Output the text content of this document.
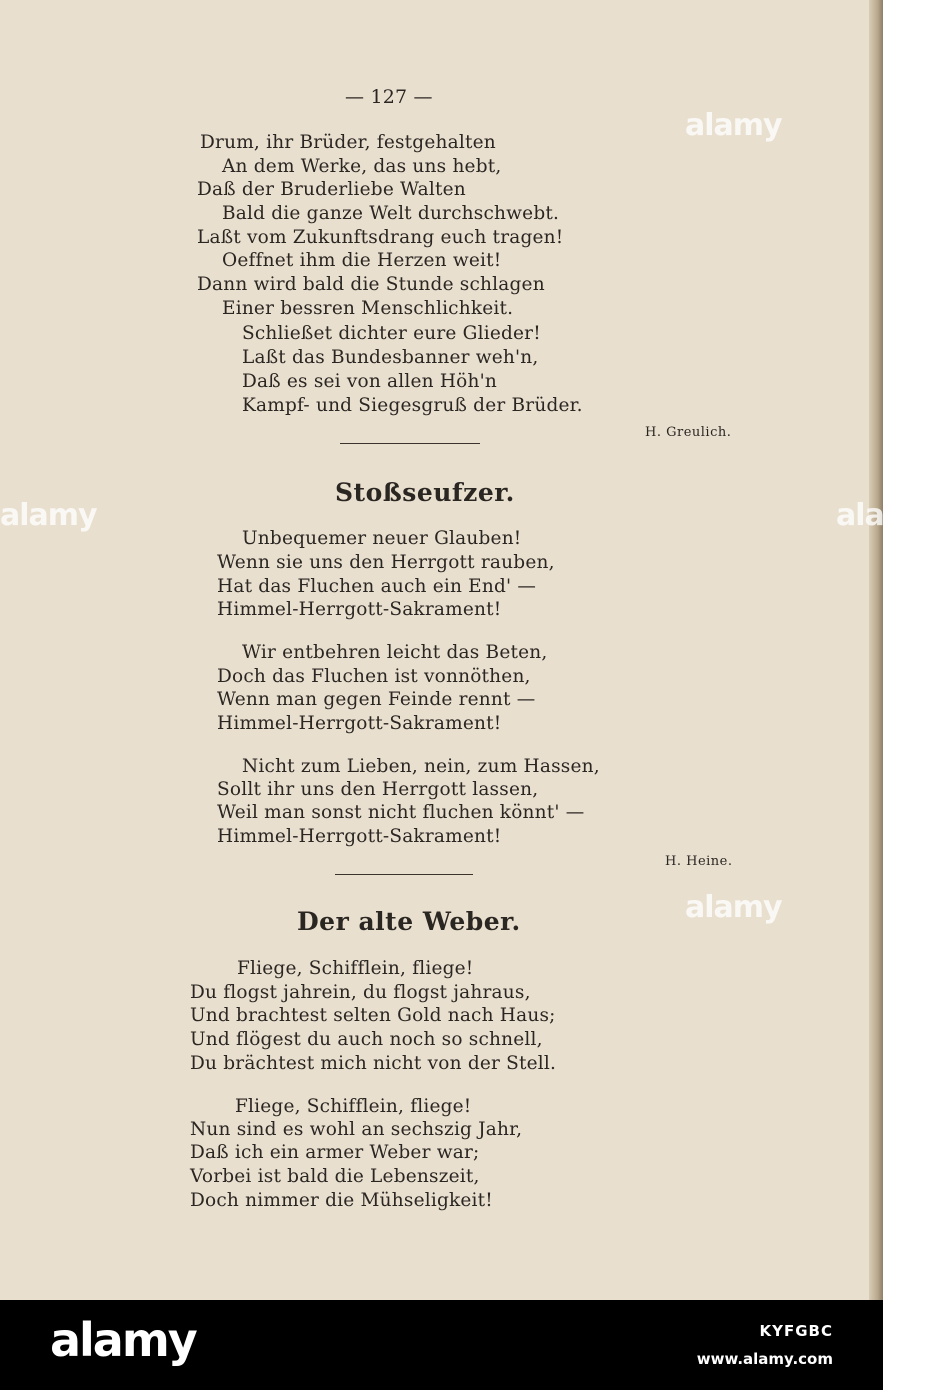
— 127 —
Drum, ihr Brüder, festgehalten
An dem Werke, das uns hebt,
Daß der Bruderliebe Walten
Bald die ganze Welt durchschwebt.
Laßt vom Zukunftsdrang euch tragen!
Oeffnet ihm die Herzen weit!
Dann wird bald die Stunde schlagen
Einer bessren Menschlichkeit.
Schließet dichter eure Glieder!
Laßt das Bundesbanner weh'n,
Daß es sei von allen Höh'n
Kampf- und Siegesgruß der Brüder.
H. Greulich.
Stoßseufzer.
Unbequemer neuer Glauben!
Wenn sie uns den Herrgott rauben,
Hat das Fluchen auch ein End' —
Himmel-Herrgott-Sakrament!
Wir entbehren leicht das Beten,
Doch das Fluchen ist vonnöthen,
Wenn man gegen Feinde rennt —
Himmel-Herrgott-Sakrament!
Nicht zum Lieben, nein, zum Hassen,
Sollt ihr uns den Herrgott lassen,
Weil man sonst nicht fluchen könnt' —
Himmel-Herrgott-Sakrament!
H. Heine.
Der alte Weber.
Fliege, Schifflein, fliege!
Du flogst jahrein, du flogst jahraus,
Und brachtest selten Gold nach Haus;
Und flögest du auch noch so schnell,
Du brächtest mich nicht von der Stell.
Fliege, Schifflein, fliege!
Nun sind es wohl an sechszig Jahr,
Daß ich ein armer Weber war;
Vorbei ist bald die Lebenszeit,
Doch nimmer die Mühseligkeit!
alamy
alamy	alamy
alamy
alamy	KYFGBC
www.alamy.com
